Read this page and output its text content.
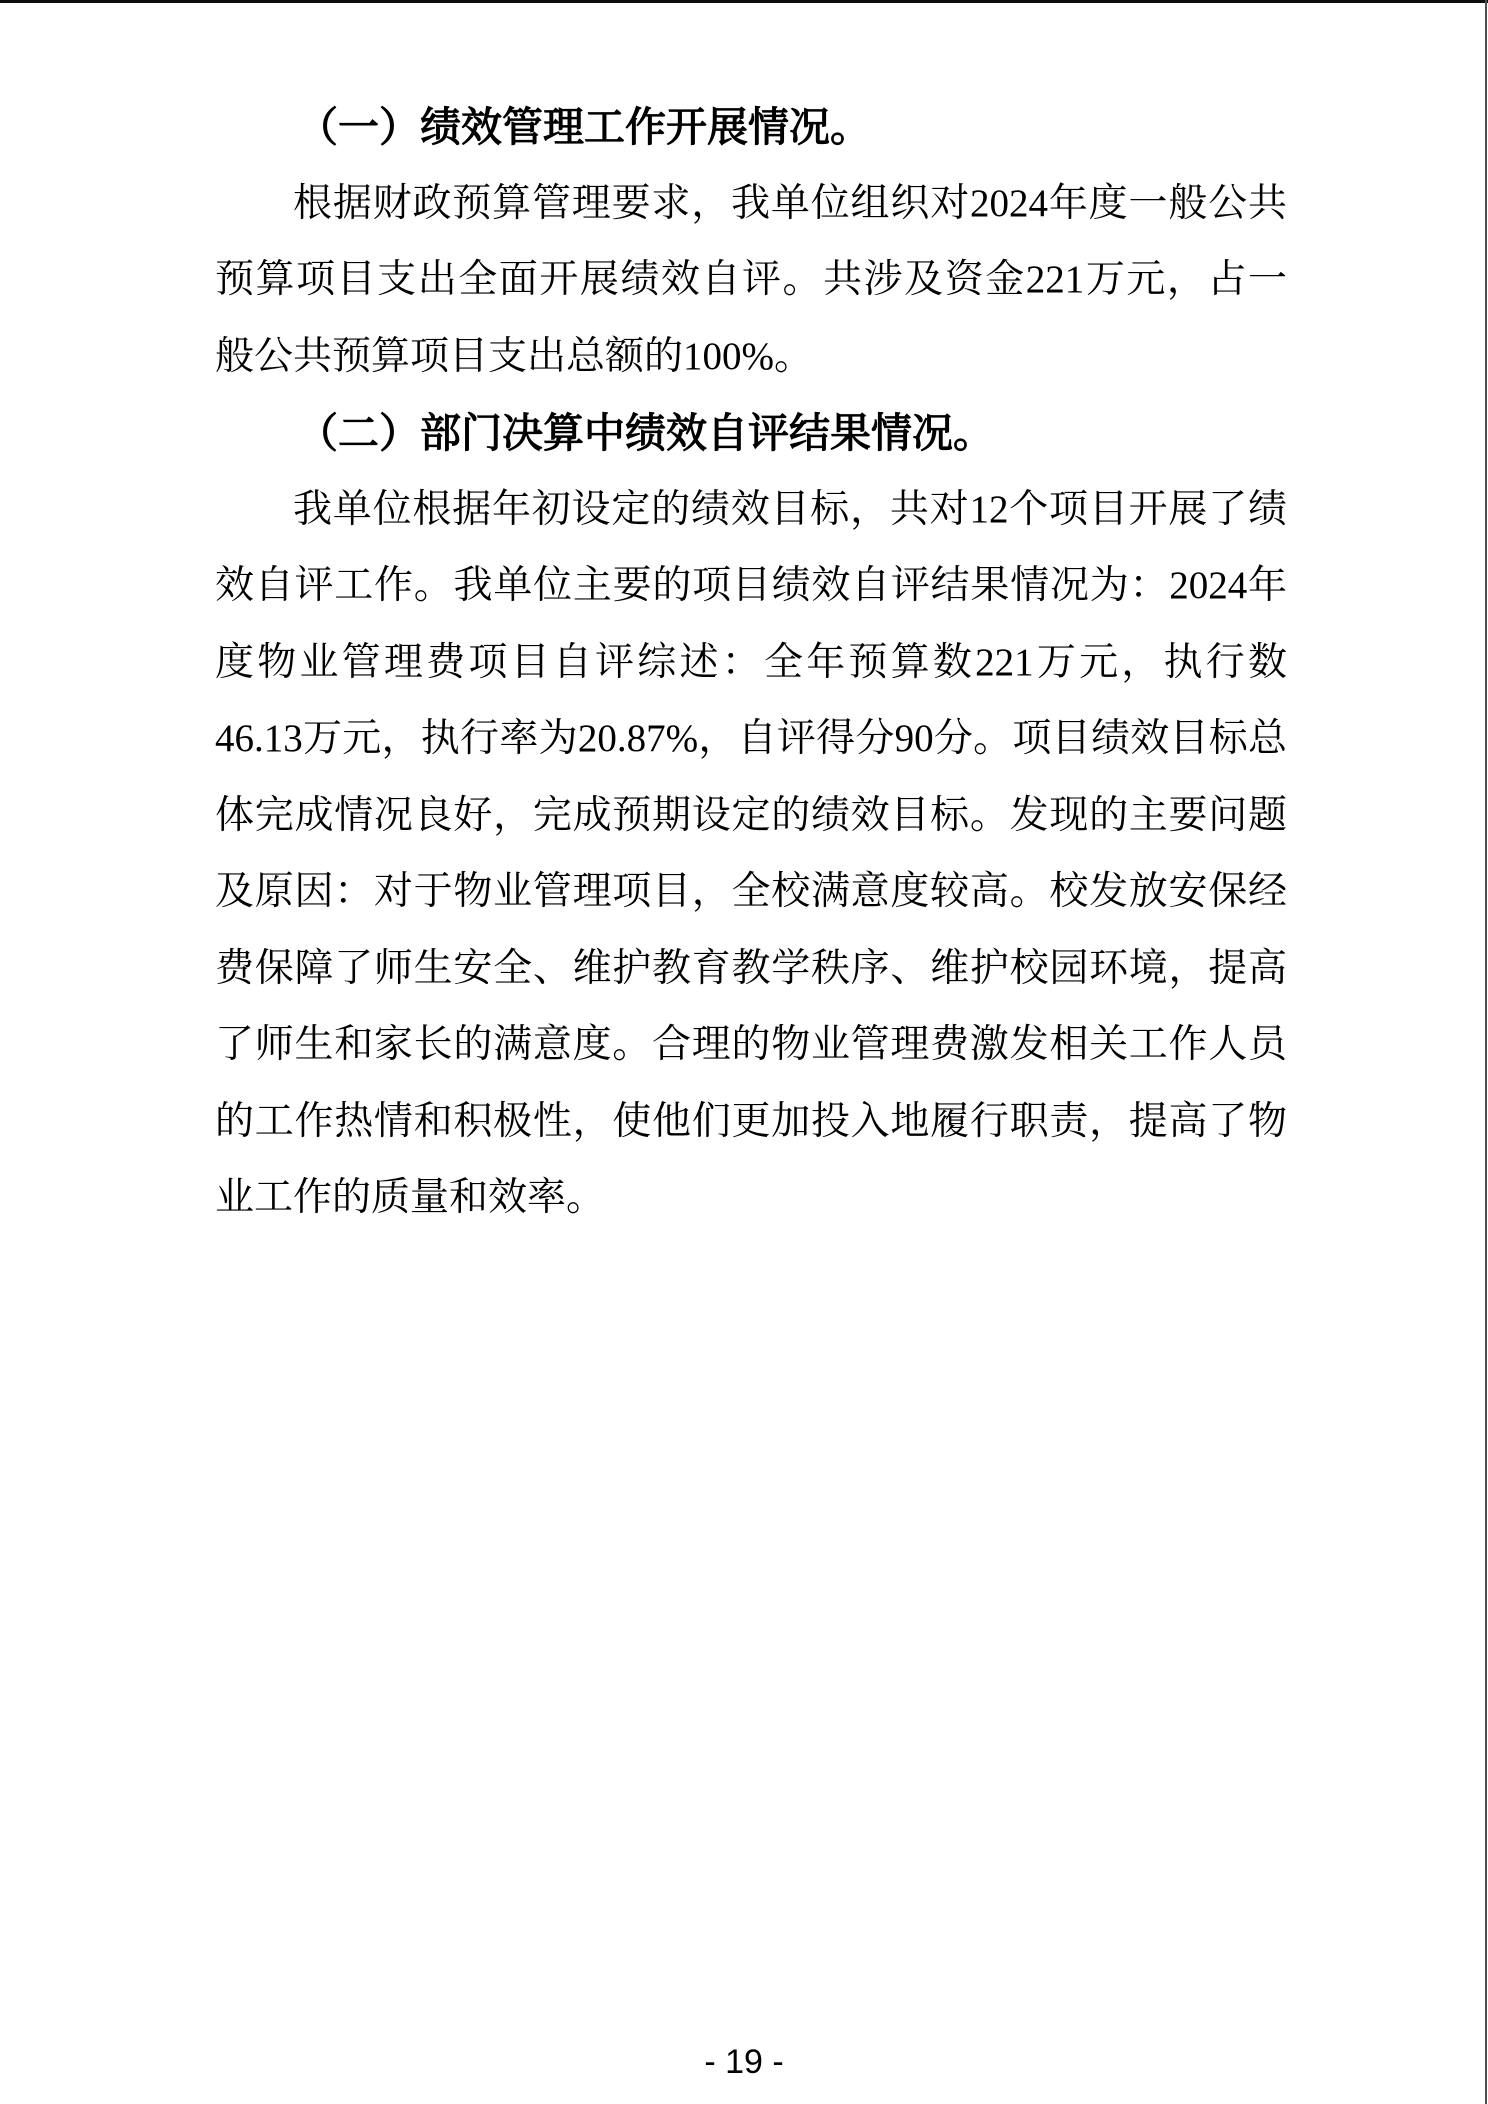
（一）绩效管理工作开展情况。

根据财政预算管理要求，我单位组织对2024年度一般公共预算项目支出全面开展绩效自评。共涉及资金221万元，占一般公共预算项目支出总额的100%。

（二）部门决算中绩效自评结果情况。

我单位根据年初设定的绩效目标，共对12个项目开展了绩效自评工作。我单位主要的项目绩效自评结果情况为：2024年度物业管理费项目自评综述：全年预算数221万元，执行数46.13万元，执行率为20.87%，自评得分90分。项目绩效目标总体完成情况良好，完成预期设定的绩效目标。发现的主要问题及原因：对于物业管理项目，全校满意度较高。校发放安保经费保障了师生安全、维护教育教学秩序、维护校园环境，提高了师生和家长的满意度。合理的物业管理费激发相关工作人员的工作热情和积极性，使他们更加投入地履行职责，提高了物业工作的质量和效率。

- 19 -
